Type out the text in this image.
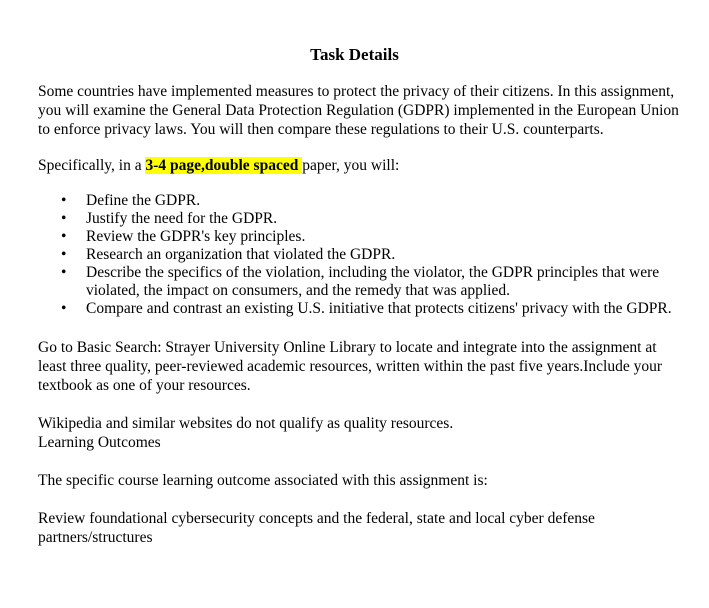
Task Details

Some countries have implemented measures to protect the privacy of their citizens. In this assignment, you will examine the General Data Protection Regulation (GDPR) implemented in the European Union to enforce privacy laws. You will then compare these regulations to their U.S. counterparts.

Specifically, in a 3-4 page,double spaced paper, you will:

• Define the GDPR.
• Justify the need for the GDPR.
• Review the GDPR's key principles.
• Research an organization that violated the GDPR.
• Describe the specifics of the violation, including the violator, the GDPR principles that were violated, the impact on consumers, and the remedy that was applied.
• Compare and contrast an existing U.S. initiative that protects citizens' privacy with the GDPR.

Go to Basic Search: Strayer University Online Library to locate and integrate into the assignment at least three quality, peer-reviewed academic resources, written within the past five years.Include your textbook as one of your resources.

Wikipedia and similar websites do not qualify as quality resources.
Learning Outcomes

The specific course learning outcome associated with this assignment is:

Review foundational cybersecurity concepts and the federal, state and local cyber defense partners/structures
